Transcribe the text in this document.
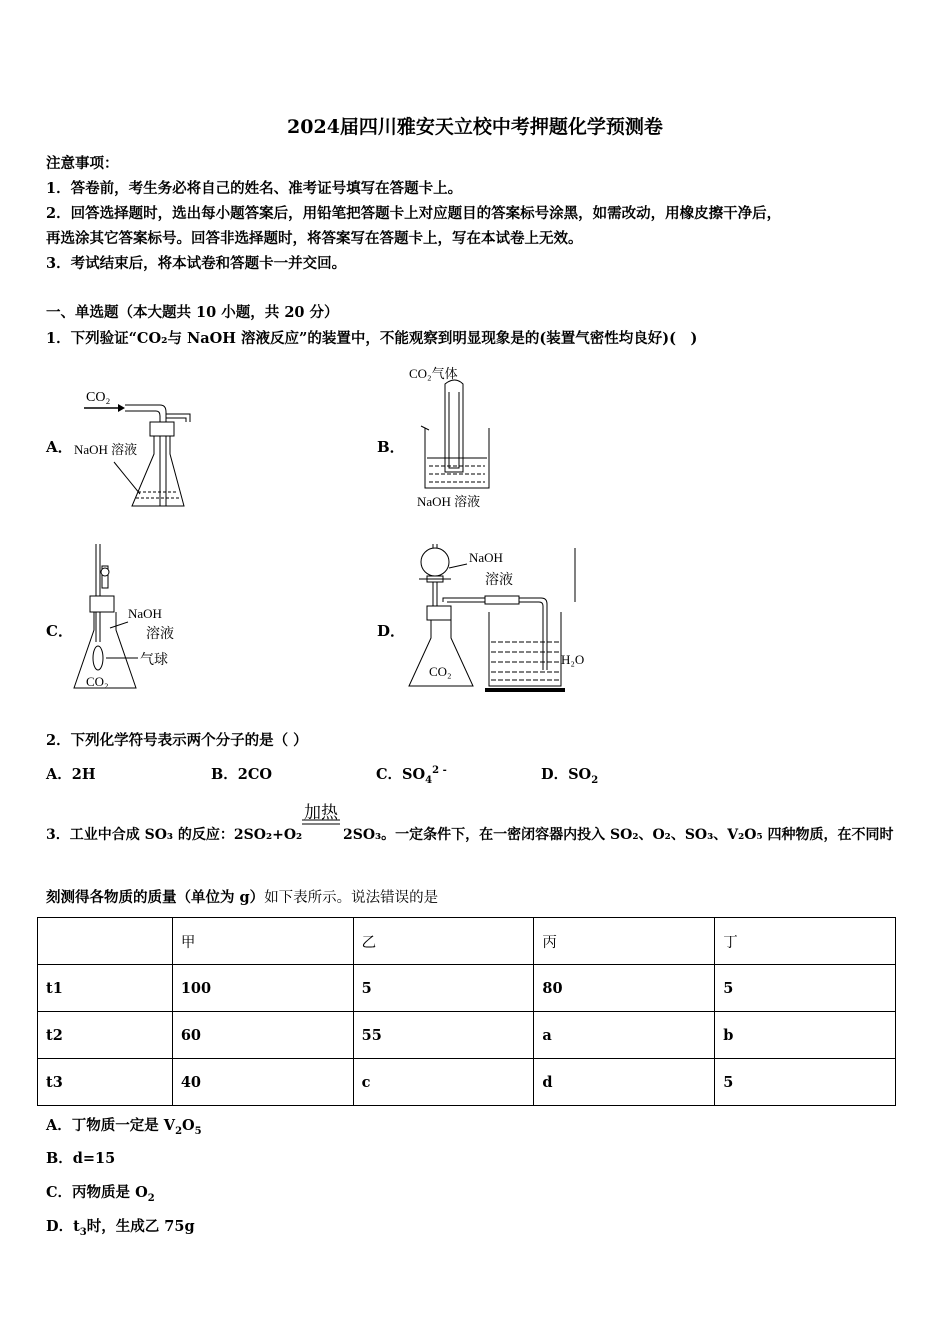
2024届四川雅安天立校中考押题化学预测卷
注意事项：
1．答卷前，考生务必将自己的姓名、准考证号填写在答题卡上。
2．回答选择题时，选出每小题答案后，用铅笔把答题卡上对应题目的答案标号涂黑，如需改动，用橡皮擦干净后，
再选涂其它答案标号。回答非选择题时，将答案写在答题卡上，写在本试卷上无效。
3．考试结束后，将本试卷和答题卡一并交回。
一、单选题（本大题共 10 小题，共 20 分）
1．下列验证“CO₂与 NaOH 溶液反应”的装置中，不能观察到明显现象是的(装置气密性均良好)(　)
A．	B．
C．	D．
CO₂
NaOH 溶液
CO₂气体
NaOH 溶液
NaOH
溶液
气球
CO₂
NaOH
溶液
CO₂
H₂O
2．下列化学符号表示两个分子的是（ ）
A．2H	B．2CO	C．$SO_4^{2 -}$	D．$SO_2$
加热
3．工业中合成 SO₃ 的反应：2SO₂+O₂	2SO₃。一定条件下，在一密闭容器内投入 SO₂、O₂、SO₃、V₂O₅ 四种物质，在不同时
刻测得各物质的质量（单位为 g）如下表所示。说法错误的是
	甲	乙	丙	丁
t1	100	5	80	5
t2	60	55	a	b
t3	40	c	d	5
A．丁物质一定是 $V_2O_5$
B．d=15
C．丙物质是 $O_2$
D．$t_3$时，生成乙 75g
